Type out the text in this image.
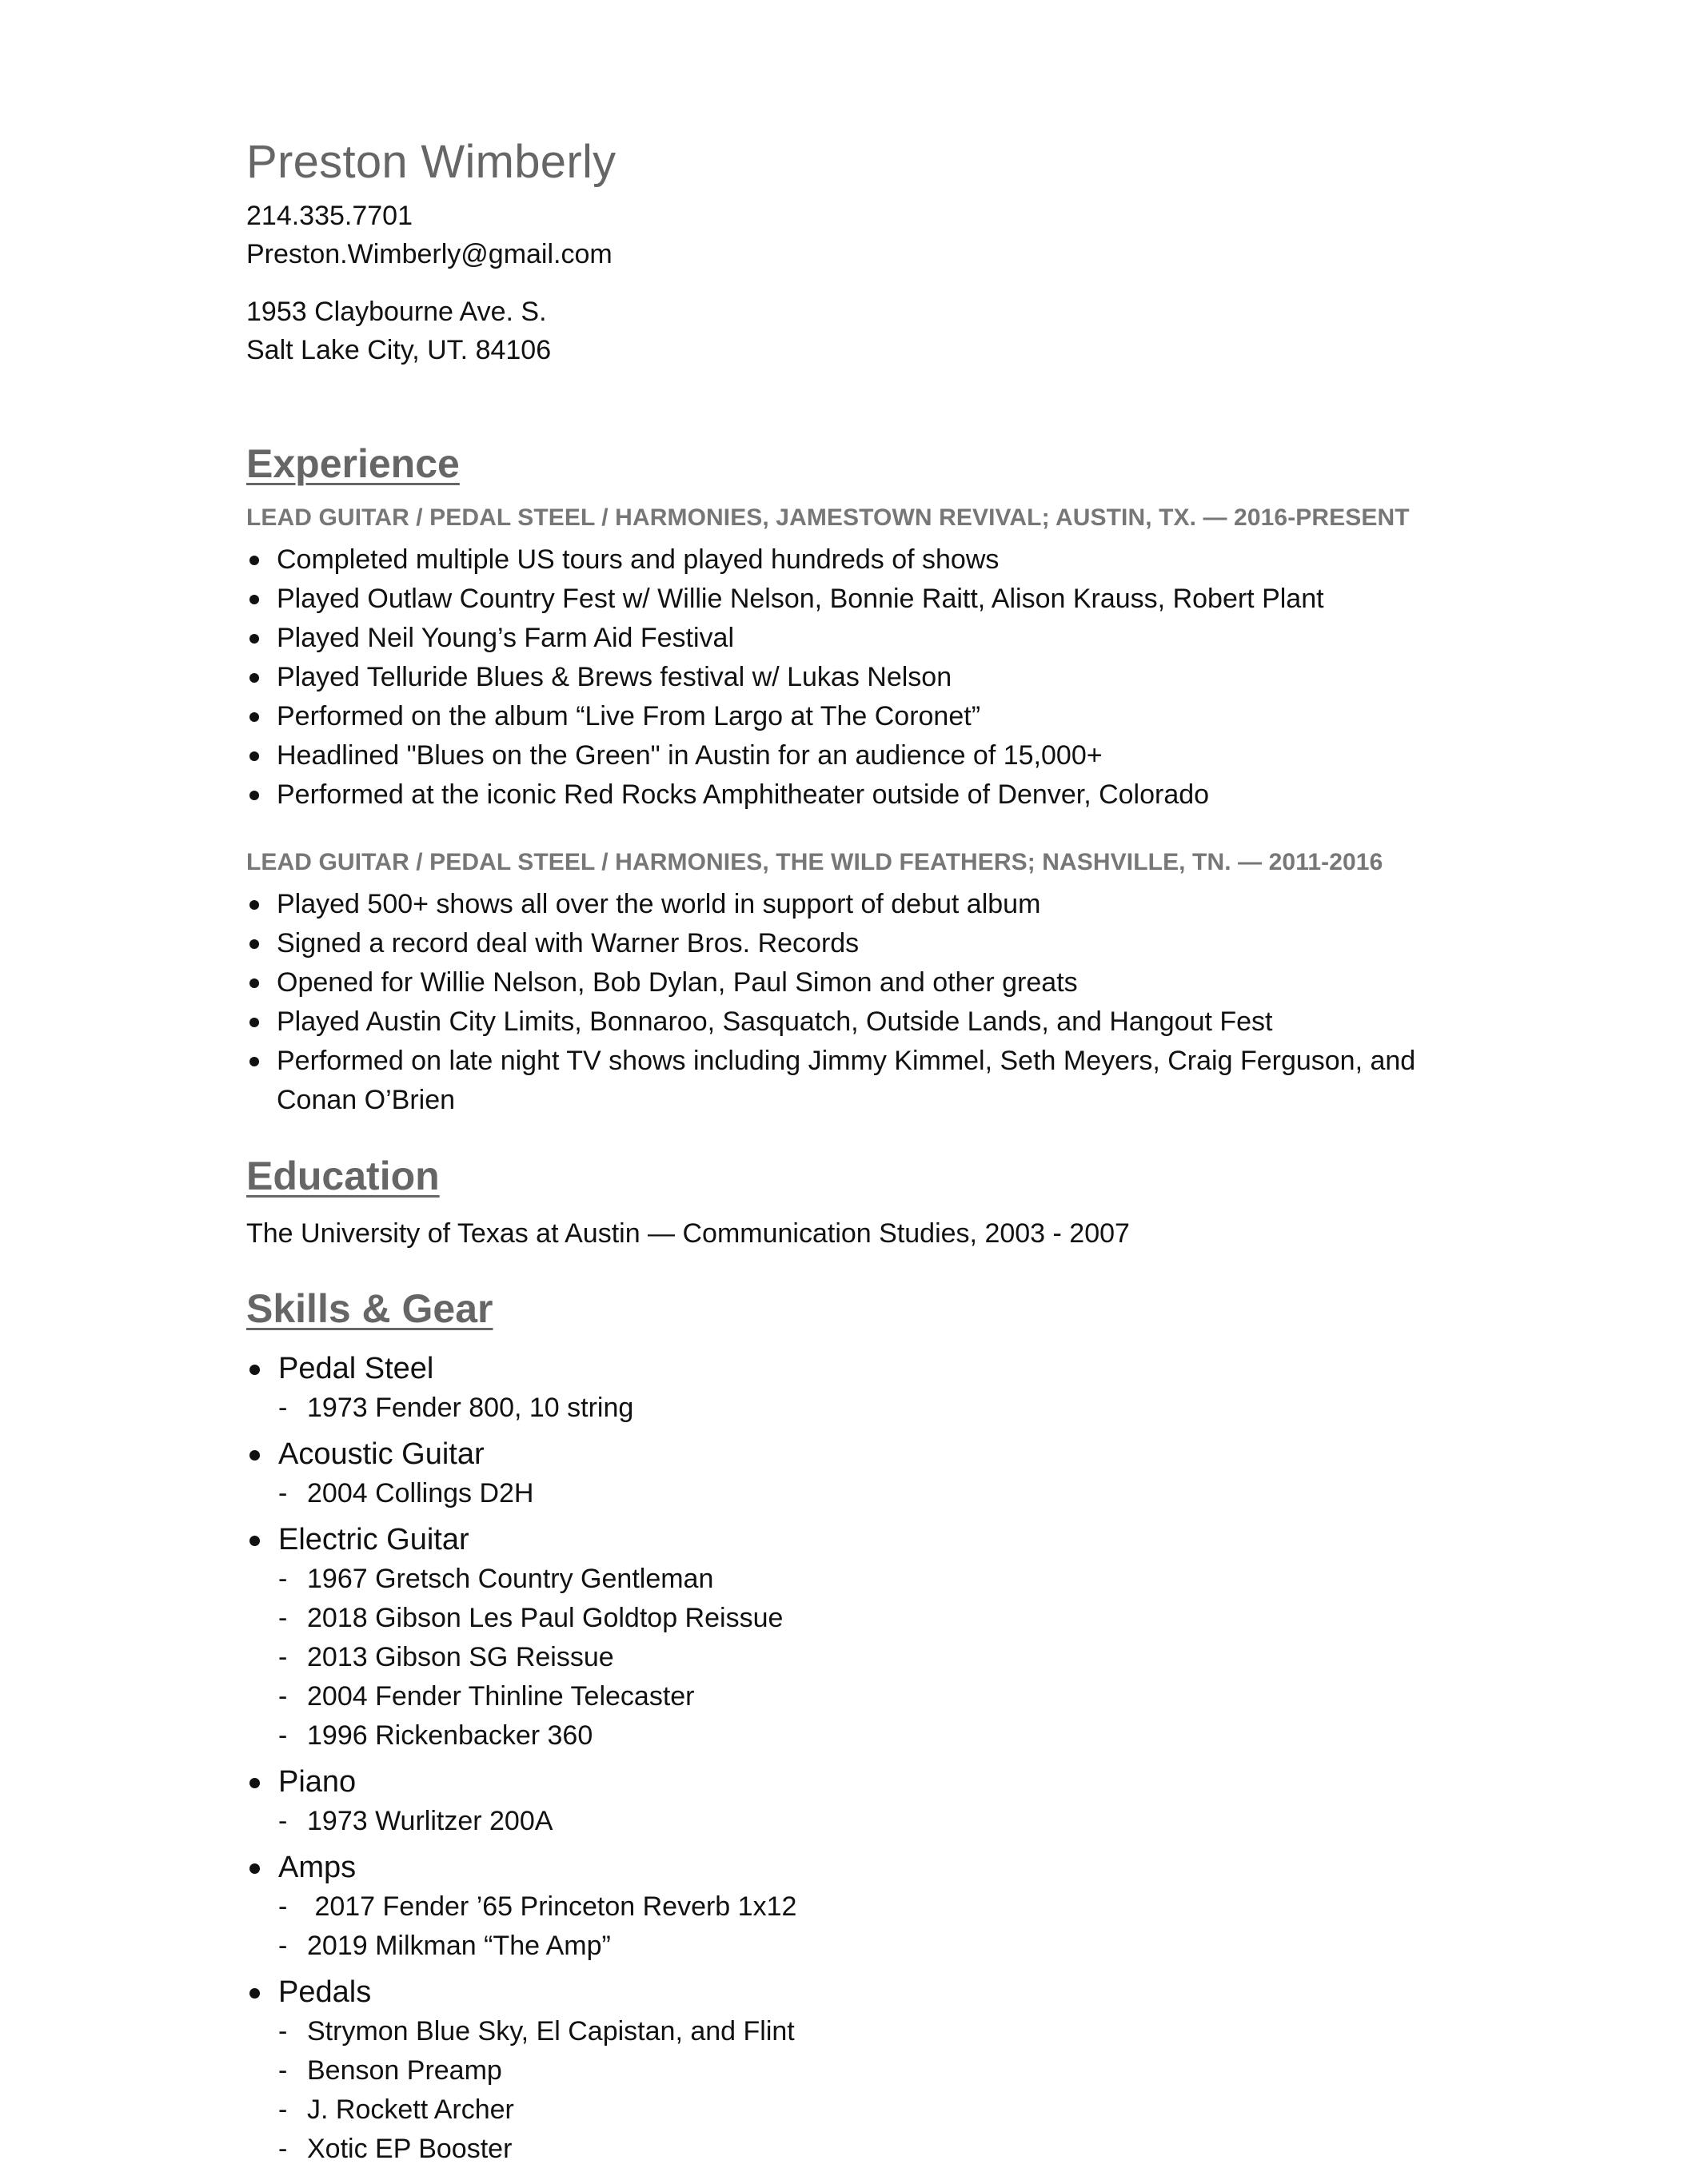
Preston Wimberly

214.335.7701

Preston.Wimberly@gmail.com

1953 Claybourne Ave. S.

Salt Lake City, UT. 84106

Experience
LEAD GUITAR / PEDAL STEEL / HARMONIES, JAMESTOWN REVIVAL; AUSTIN, TX. — 2016-PRESENT
Completed multiple US tours and played hundreds of shows
Played Outlaw Country Fest w/ Willie Nelson, Bonnie Raitt, Alison Krauss, Robert Plant
Played Neil Young’s Farm Aid Festival
Played Telluride Blues & Brews festival w/ Lukas Nelson
Performed on the album “Live From Largo at The Coronet”
Headlined "Blues on the Green" in Austin for an audience of 15,000+
Performed at the iconic Red Rocks Amphitheater outside of Denver, Colorado
LEAD GUITAR / PEDAL STEEL / HARMONIES, THE WILD FEATHERS; NASHVILLE, TN. — 2011-2016
Played 500+ shows all over the world in support of debut album
Signed a record deal with Warner Bros. Records
Opened for Willie Nelson, Bob Dylan, Paul Simon and other greats
Played Austin City Limits, Bonnaroo, Sasquatch, Outside Lands, and Hangout Fest
Performed on late night TV shows including Jimmy Kimmel, Seth Meyers, Craig Ferguson, and Conan O’Brien
Education

The University of Texas at Austin — Communication Studies, 2003 - 2007

Skills & Gear
Pedal Steel
- 1973 Fender 800, 10 string
Acoustic Guitar
- 2004 Collings D2H
Electric Guitar
- 1967 Gretsch Country Gentleman
- 2018 Gibson Les Paul Goldtop Reissue
- 2013 Gibson SG Reissue
- 2004 Fender Thinline Telecaster
- 1996 Rickenbacker 360
Piano
- 1973 Wurlitzer 200A
Amps
-  2017 Fender ’65 Princeton Reverb 1x12
- 2019 Milkman “The Amp”
Pedals
- Strymon Blue Sky, El Capistan, and Flint
- Benson Preamp
- J. Rockett Archer
- Xotic EP Booster
